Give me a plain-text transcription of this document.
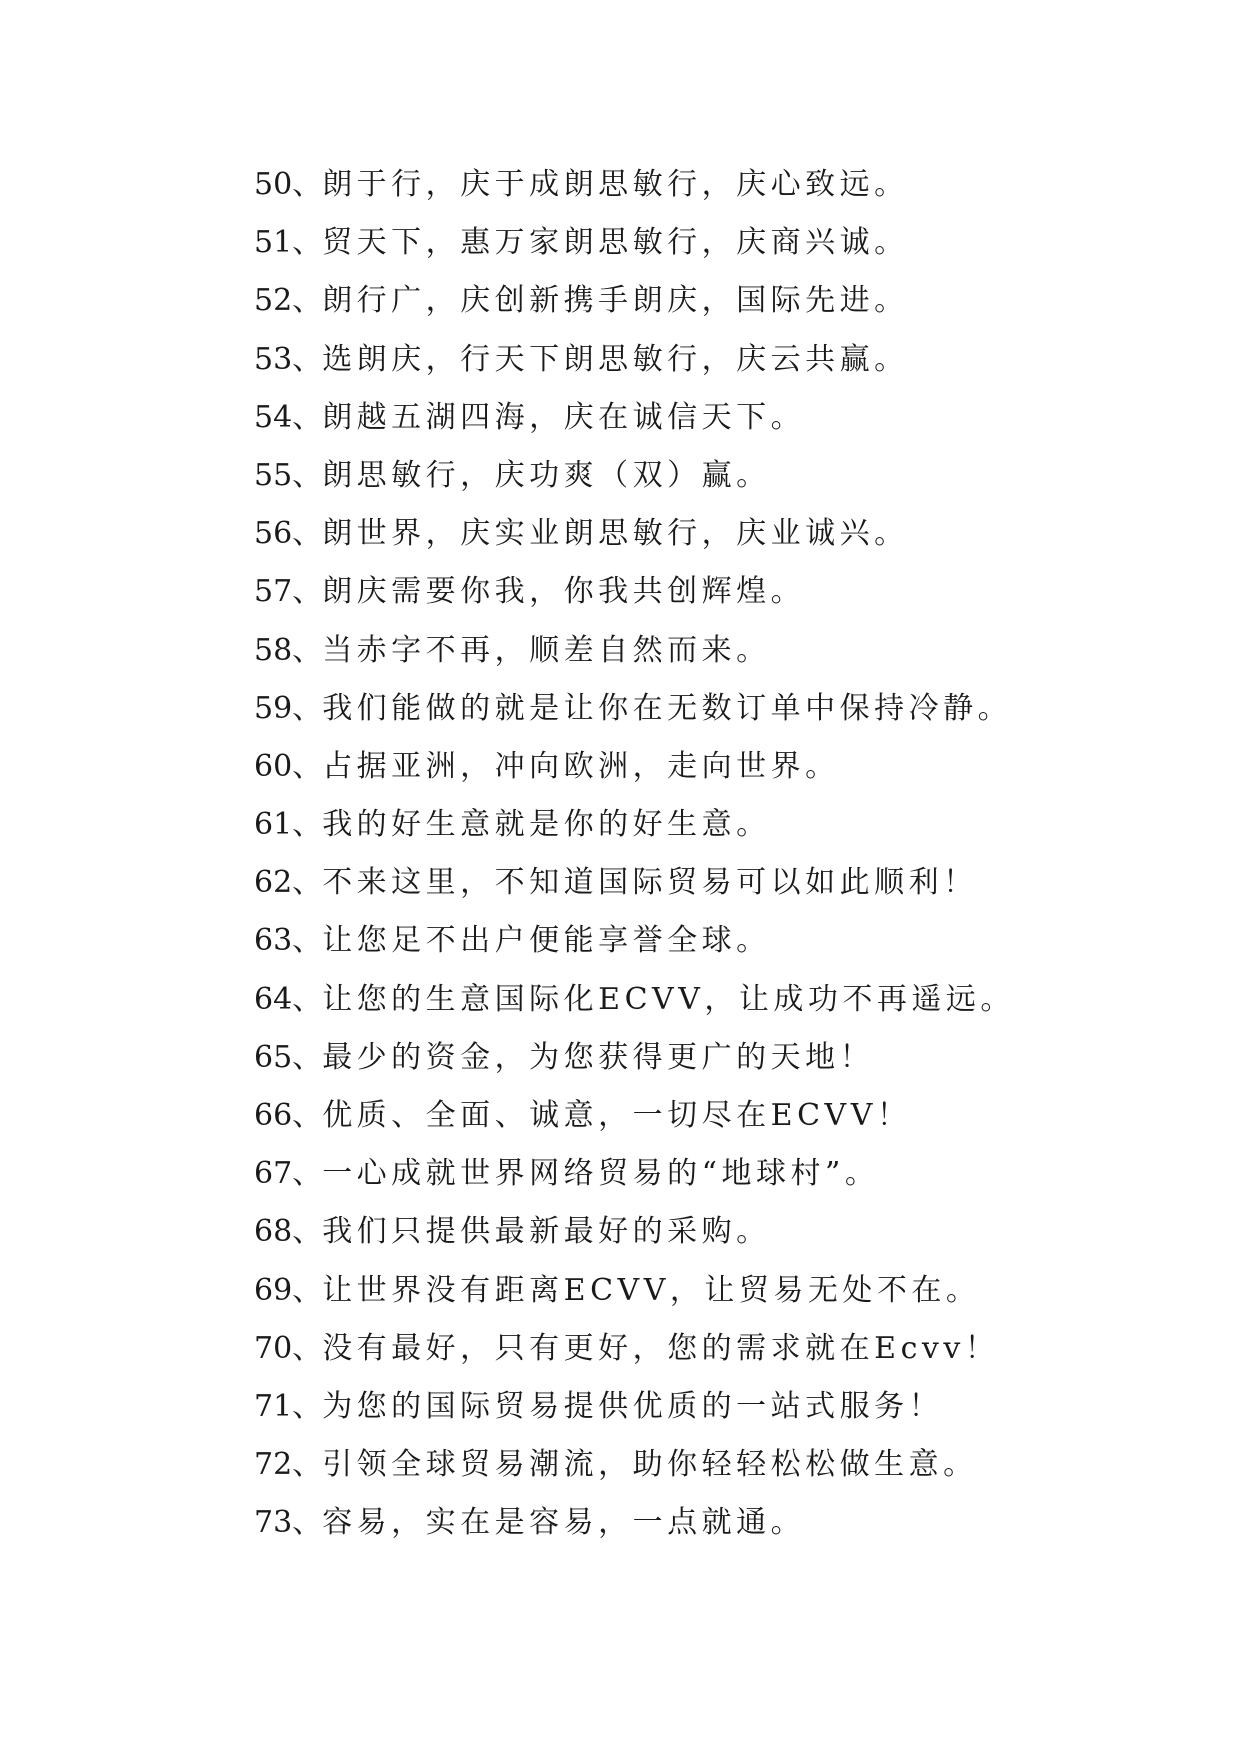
50、朗于行，庆于成朗思敏行，庆心致远。
51、贸天下，惠万家朗思敏行，庆商兴诚。
52、朗行广，庆创新携手朗庆，国际先进。
53、选朗庆，行天下朗思敏行，庆云共赢。
54、朗越五湖四海，庆在诚信天下。
55、朗思敏行，庆功爽（双）赢。
56、朗世界，庆实业朗思敏行，庆业诚兴。
57、朗庆需要你我，你我共创辉煌。
58、当赤字不再，顺差自然而来。
59、我们能做的就是让你在无数订单中保持冷静。
60、占据亚洲，冲向欧洲，走向世界。
61、我的好生意就是你的好生意。
62、不来这里，不知道国际贸易可以如此顺利！
63、让您足不出户便能享誉全球。
64、让您的生意国际化ECVV，让成功不再遥远。
65、最少的资金，为您获得更广的天地！
66、优质、全面、诚意，一切尽在ECVV！
67、一心成就世界网络贸易的“地球村”。
68、我们只提供最新最好的采购。
69、让世界没有距离ECVV，让贸易无处不在。
70、没有最好，只有更好，您的需求就在Ecvv！
71、为您的国际贸易提供优质的一站式服务！
72、引领全球贸易潮流，助你轻轻松松做生意。
73、容易，实在是容易，一点就通。
